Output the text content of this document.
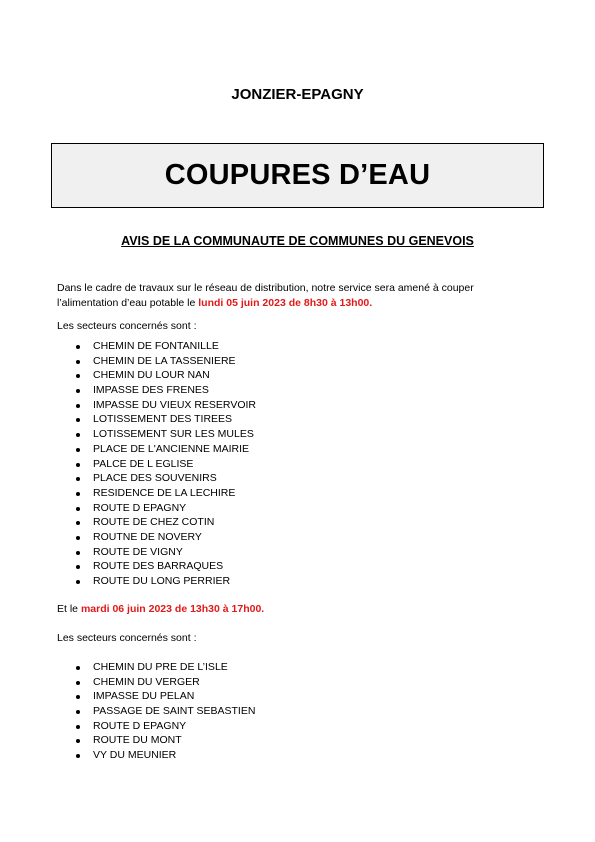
JONZIER-EPAGNY
COUPURES D’EAU
AVIS DE LA COMMUNAUTE DE COMMUNES DU GENEVOIS
Dans le cadre de travaux sur le réseau de distribution, notre service sera amené à couper l’alimentation d’eau potable le lundi 05 juin 2023 de 8h30 à 13h00.
Les secteurs concernés sont :
CHEMIN DE FONTANILLE
CHEMIN DE LA TASSENIERE
CHEMIN DU LOUR NAN
IMPASSE DES FRENES
IMPASSE DU VIEUX RESERVOIR
LOTISSEMENT DES TIREES
LOTISSEMENT SUR LES MULES
PLACE DE L'ANCIENNE MAIRIE
PALCE DE L EGLISE
PLACE DES SOUVENIRS
RESIDENCE DE LA LECHIRE
ROUTE D EPAGNY
ROUTE DE CHEZ COTIN
ROUTNE DE NOVERY
ROUTE DE VIGNY
ROUTE DES BARRAQUES
ROUTE DU LONG PERRIER
Et le mardi 06 juin 2023 de 13h30 à 17h00.
Les secteurs concernés sont :
CHEMIN DU PRE DE L’ISLE
CHEMIN DU VERGER
IMPASSE DU PELAN
PASSAGE DE SAINT SEBASTIEN
ROUTE D EPAGNY
ROUTE DU MONT
VY DU MEUNIER
